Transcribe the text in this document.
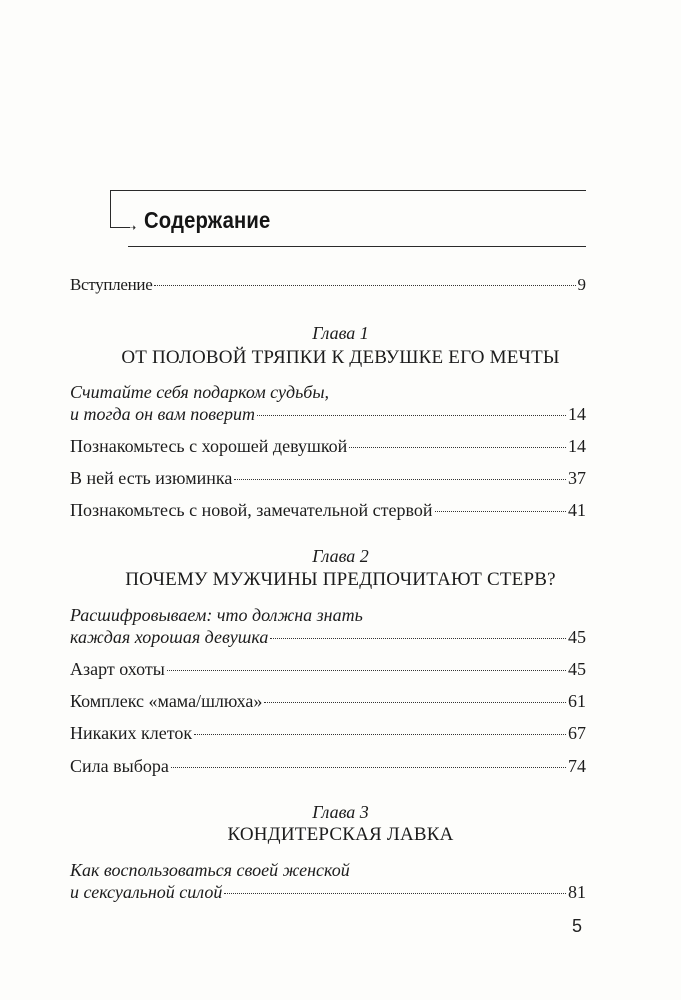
➝ Содержание
Вступление	9
Глава 1
ОТ ПОЛОВОЙ ТРЯПКИ К ДЕВУШКЕ ЕГО МЕЧТЫ
Считайте себя подарком судьбы,
и тогда он вам поверит	14
Познакомьтесь с хорошей девушкой	14
В ней есть изюминка	37
Познакомьтесь с новой, замечательной стервой	41
Глава 2
ПОЧЕМУ МУЖЧИНЫ ПРЕДПОЧИТАЮТ СТЕРВ?
Расшифровываем: что должна знать
каждая хорошая девушка	45
Азарт охоты	45
Комплекс «мама/шлюха»	61
Никаких клеток	67
Сила выбора	74
Глава 3
КОНДИТЕРСКАЯ ЛАВКА
Как воспользоваться своей женской
и сексуальной силой	81
5
